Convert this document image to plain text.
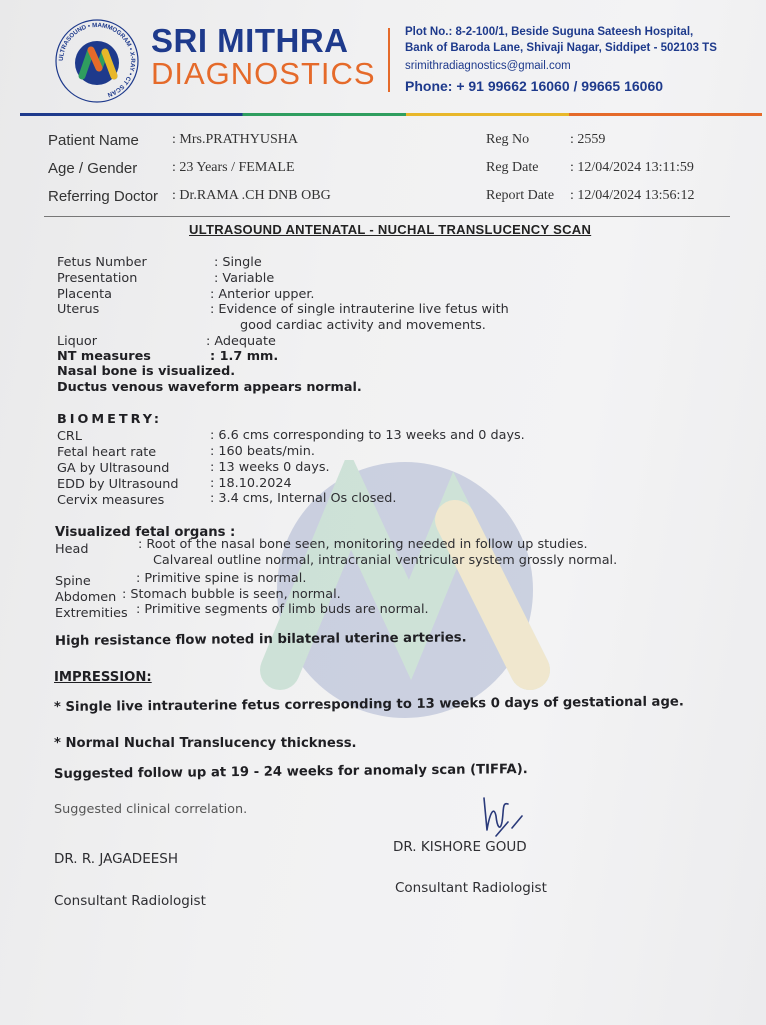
ULTRASOUND • MAMMOGRAM • X-RAY • CT SCAN
SRI MITHRA
DIAGNOSTICS
Plot No.: 8-2-100/1, Beside Suguna Sateesh Hospital,
Bank of Baroda Lane, Shivaji Nagar, Siddipet - 502103 TS
srimithradiagnostics@gmail.com
Phone: + 91 99662 16060 / 99665 16060
Patient Name : Mrs.PRATHYUSHA
Age / Gender : 23 Years / FEMALE
Referring Doctor : Dr.RAMA .CH DNB OBG
Reg No	: 2559
Reg Date : 12/04/2024 13:11:59
Report Date : 12/04/2024 13:56:12
ULTRASOUND ANTENATAL - NUCHAL TRANSLUCENCY SCAN
Fetus Number	: Single
Presentation	: Variable
Placenta	: Anterior upper.
Uterus	: Evidence of single intrauterine live fetus with
good cardiac activity and movements.
Liquor	: Adequate
NT measures	: 1.7 mm.
Nasal bone is visualized.
Ductus venous waveform appears normal.
BIOMETRY:
CRL	: 6.6 cms corresponding to 13 weeks and 0 days.
Fetal heart rate	: 160 beats/min.
GA by Ultrasound	: 13 weeks 0 days.
EDD by Ultrasound : 18.10.2024
Cervix measures	: 3.4 cms, Internal Os closed.
Visualized fetal organs :
Head	: Root of the nasal bone seen, monitoring needed in follow up studies.
Calvareal outline normal, intracranial ventricular system grossly normal.
Spine	: Primitive spine is normal.
Abdomen : Stomach bubble is seen, normal.
Extremities : Primitive segments of limb buds are normal.
High resistance flow noted in bilateral uterine arteries.
IMPRESSION:
* Single live intrauterine fetus corresponding to 13 weeks 0 days of gestational age.
* Normal Nuchal Translucency thickness.
Suggested follow up at 19 - 24 weeks for anomaly scan (TIFFA).
Suggested clinical correlation.
DR. R. JAGADEESH
Consultant Radiologist
DR. KISHORE GOUD
Consultant Radiologist
